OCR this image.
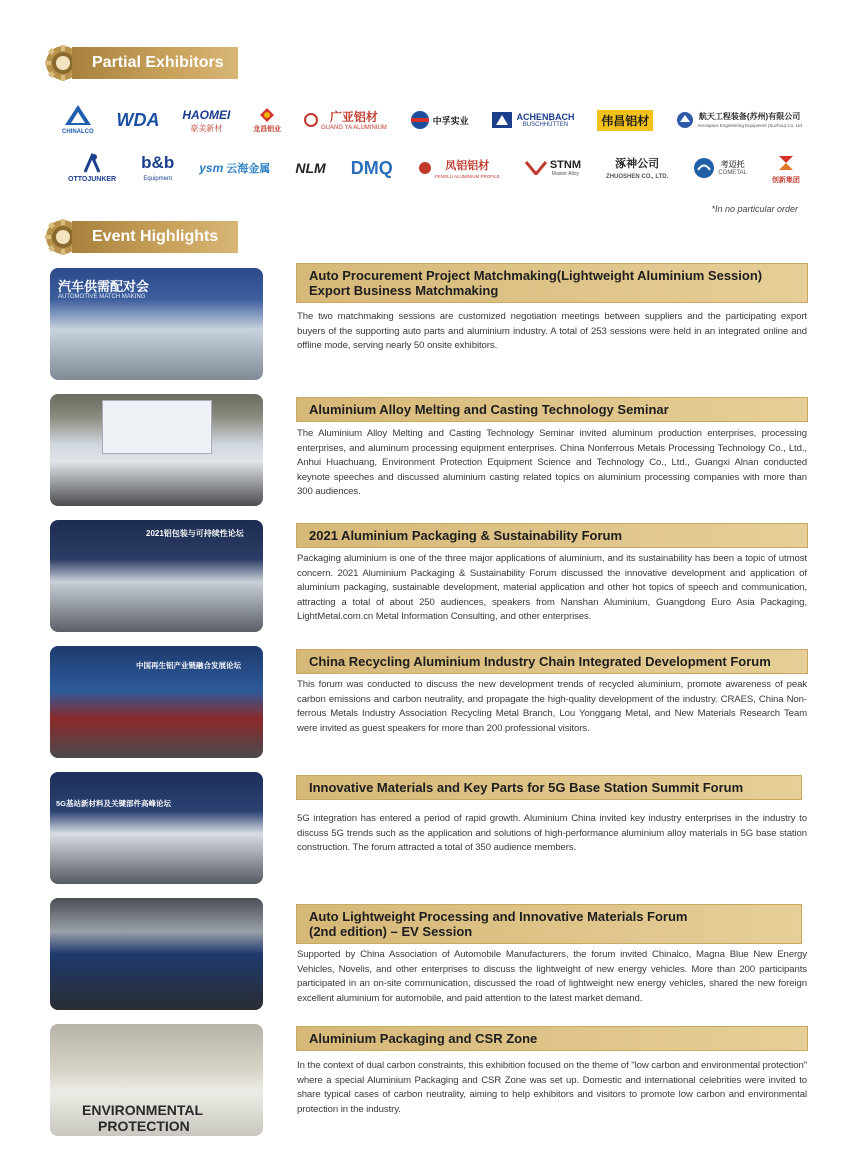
Partial Exhibitors
CHINALCO
WDA HAOMEI
豪美新材	龙昌铝业
广亚铝材
GUANG YA ALUMINIUM
中孚实业	ACHENBACH
BUSCHHÜTTEN	伟昌铝材	航天工程装备(苏州)有限公司
Aerospace Engineering Equipment (Suzhou) Co. Ltd
OTTOJUNKER
b&b
Equipment
ysm 云海金属 NLM DMQ	凤铝铝材
FENGLU ALUMINIUM PROFILE
STNM
Master Alloy
涿神公司
ZHUOSHEN CO., LTD.
考迈托
COMETAL
创新集团
*In no particular order
Event Highlights
汽车供需配对会
AUTOMOTIVE MATCH MAKING
Auto Procurement Project Matchmaking(Lightweight Aluminium Session)
Export Business Matchmaking
The two matchmaking sessions are customized negotiation meetings between suppliers and the participating export buyers of the supporting auto parts and aluminium industry. A total of 253 sessions were held in an integrated online and offline mode, serving nearly 50 onsite exhibitors.
Aluminium Alloy Melting and Casting Technology Seminar
The Aluminium Alloy Melting and Casting Technology Seminar invited aluminum production enterprises, processing enterprises, and aluminum processing equipment enterprises. China Nonferrous Metals Processing Technology Co., Ltd., Anhui Huachuang, Environment Protection Equipment Science and Technology Co., Ltd., Guangxi Alnan conducted keynote speeches and discussed aluminium casting related topics on aluminium processing companies with more than 300 audiences.
2021铝包装与可持续性论坛	2021 Aluminium Packaging & Sustainability Forum
Packaging aluminium is one of the three major applications of aluminium, and its sustainability has been a topic of utmost concern. 2021 Aluminium Packaging & Sustainability Forum discussed the innovative development and application of aluminium packaging, sustainable development, material application and other hot topics of speech and communication, attracting a total of about 250 audiences, speakers from Nanshan Aluminium, Guangdong Euro Asia Packaging, LightMetal.com.cn Metal Information Consulting, and other enterprises.
中国再生铝产业链融合发展论坛	China Recycling Aluminium Industry Chain Integrated Development Forum
This forum was conducted to discuss the new development trends of recycled aluminium, promote awareness of peak carbon emissions and carbon neutrality, and propagate the high-quality development of the industry. CRAES, China Non-ferrous Metals Industry Association Recycling Metal Branch, Lou Yonggang Metal, and New Materials Research Team were invited as guest speakers for more than 200 professional visitors.
5G基站新材料及关键部件高峰论坛
Innovative Materials and Key Parts for 5G Base Station Summit Forum
5G integration has entered a period of rapid growth. Aluminium China invited key industry enterprises in the industry to discuss 5G trends such as the application and solutions of high-performance aluminium alloy materials in 5G base station construction. The forum attracted a total of 350 audience members.
Auto Lightweight Processing and Innovative Materials Forum
(2nd edition) – EV Session
Supported by China Association of Automobile Manufacturers, the forum invited Chinalco, Magna Blue New Energy Vehicles, Novelis, and other enterprises to discuss the lightweight of new energy vehicles. More than 200 participants participated in an on-site communication, discussed the road of lightweight new energy vehicles, shared the new foreign excellent aluminium for automobile, and paid attention to the latest market demand.
ENVIRONMENTAL
PROTECTION
Aluminium Packaging and CSR Zone
In the context of dual carbon constraints, this exhibition focused on the theme of "low carbon and environmental protection" where a special Aluminium Packaging and CSR Zone was set up. Domestic and international celebrities were invited to share typical cases of carbon neutrality, aiming to help exhibitors and visitors to promote low carbon and environmental protection in the industry.
